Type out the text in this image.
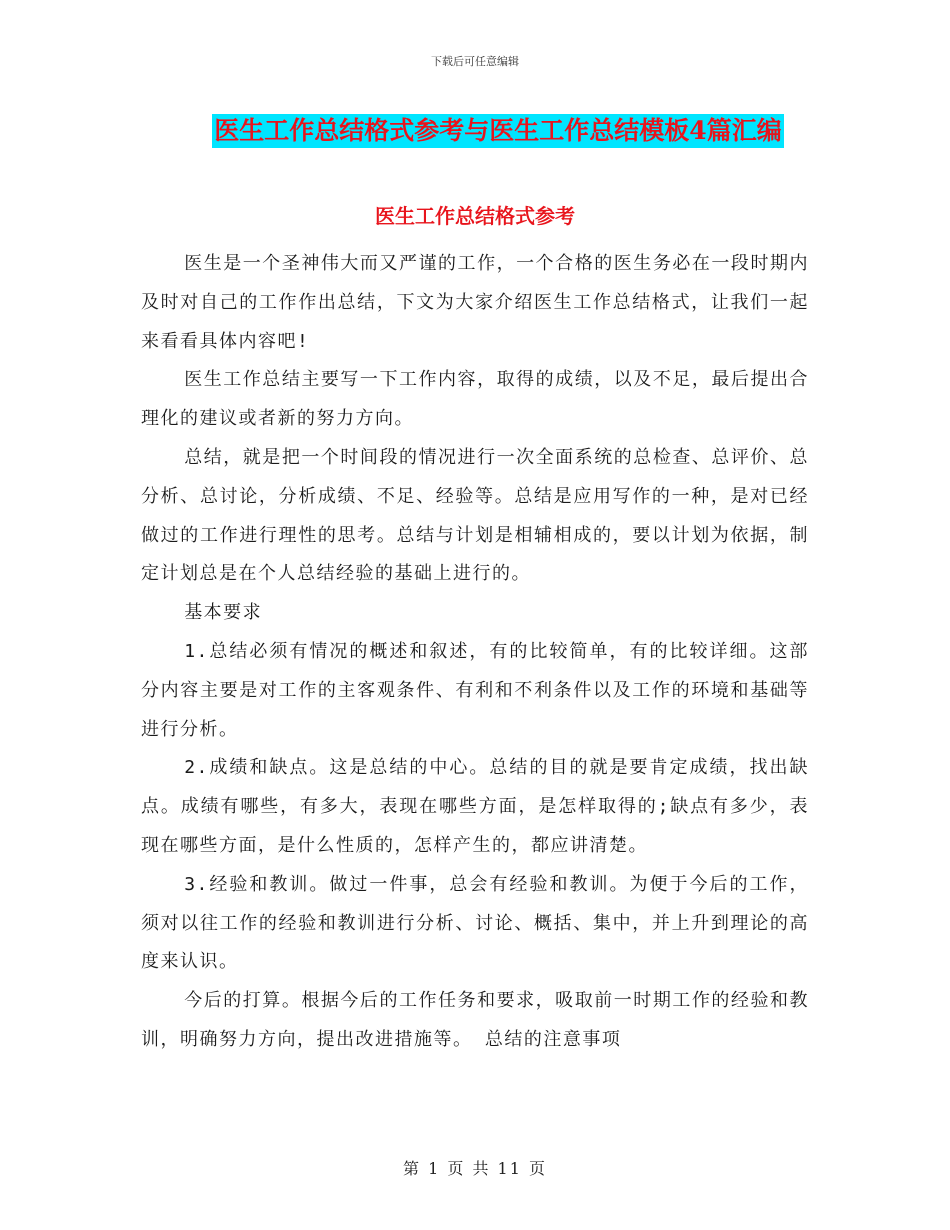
下载后可任意编辑
医生工作总结格式参考与医生工作总结模板4篇汇编
医生工作总结格式参考

医生是一个圣神伟大而又严谨的工作，一个合格的医生务必在一段时期内及时对自己的工作作出总结，下文为大家介绍医生工作总结格式，让我们一起来看看具体内容吧!

医生工作总结主要写一下工作内容，取得的成绩，以及不足，最后提出合理化的建议或者新的努力方向。

总结，就是把一个时间段的情况进行一次全面系统的总检查、总评价、总分析、总讨论，分析成绩、不足、经验等。总结是应用写作的一种，是对已经做过的工作进行理性的思考。总结与计划是相辅相成的，要以计划为依据，制定计划总是在个人总结经验的基础上进行的。

基本要求

1.总结必须有情况的概述和叙述，有的比较简单，有的比较详细。这部分内容主要是对工作的主客观条件、有利和不利条件以及工作的环境和基础等进行分析。

2.成绩和缺点。这是总结的中心。总结的目的就是要肯定成绩，找出缺点。成绩有哪些，有多大，表现在哪些方面，是怎样取得的;缺点有多少，表现在哪些方面，是什么性质的，怎样产生的，都应讲清楚。

3.经验和教训。做过一件事，总会有经验和教训。为便于今后的工作，须对以往工作的经验和教训进行分析、讨论、概括、集中，并上升到理论的高度来认识。

今后的打算。根据今后的工作任务和要求，吸取前一时期工作的经验和教训，明确努力方向，提出改进措施等。 总结的注意事项

第 1 页 共 11 页
